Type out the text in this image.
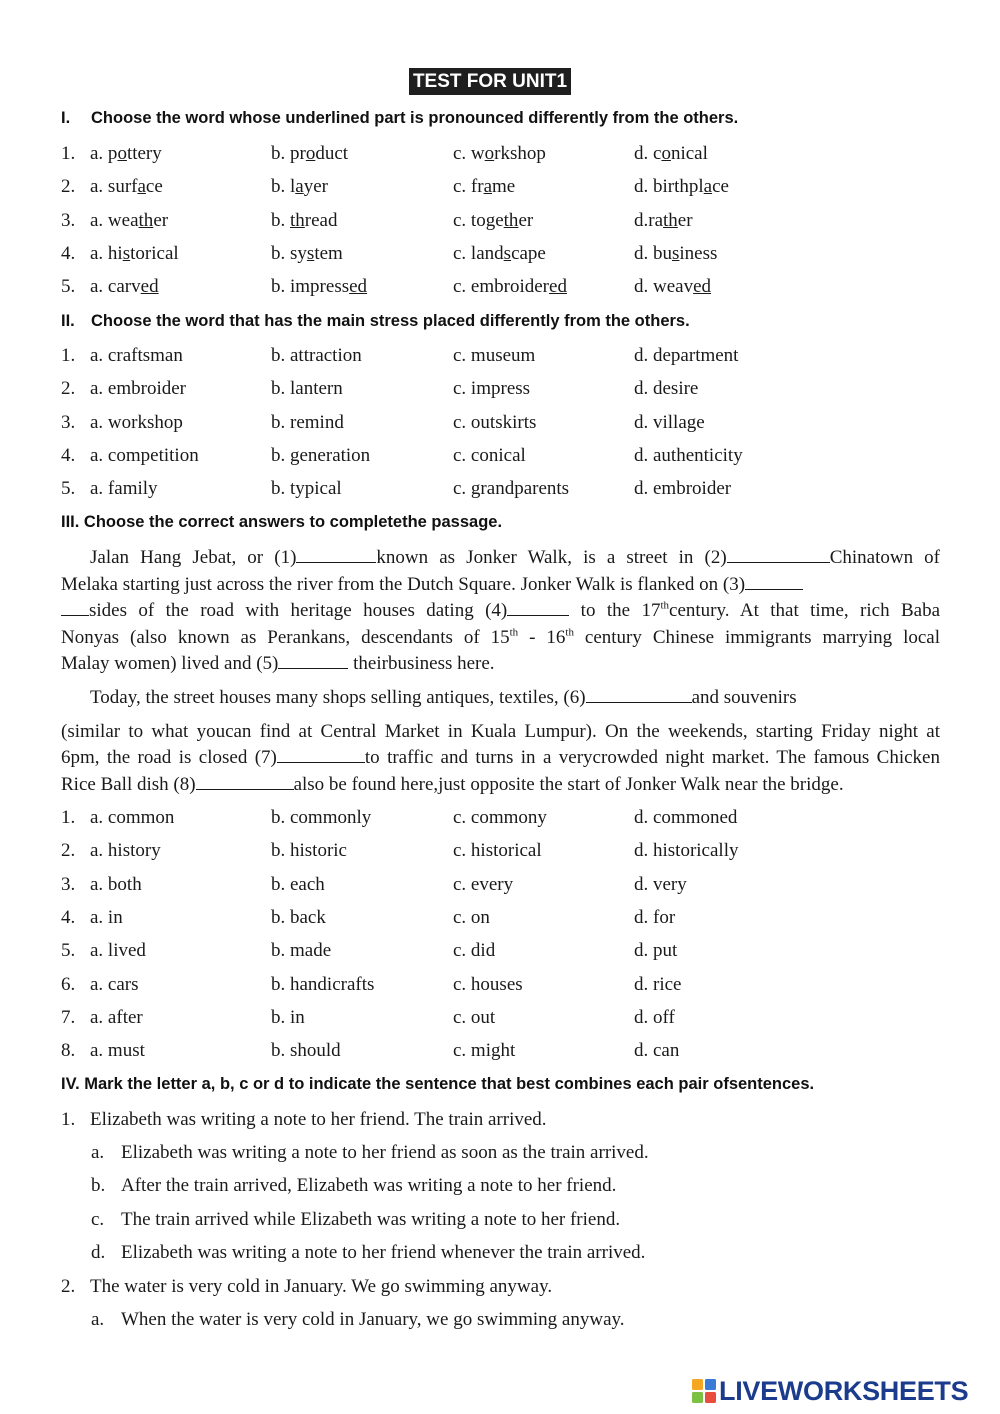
TEST FOR UNIT1
I. Choose the word whose underlined part is pronounced differently from the others.
1. a. pottery	b. product	c. workshop	d. conical
2. a. surface	b. layer	c. frame	d. birthplace
3. a. weather	b. thread	c. together	d.rather
4. a. historical	b. system	c. landscape	d. business
5. a. carved	b. impressed	c. embroidered	d. weaved
II. Choose the word that has the main stress placed differently from the others.
1. a. craftsman	b. attraction	c. museum	d. department
2. a. embroider	b. lantern	c. impress	d. desire
3. a. workshop	b. remind	c. outskirts	d. village
4. a. competition	b. generation	c. conical	d. authenticity
5. a. family	b. typical	c. grandparents	d. embroider
III. Choose the correct answers to completethe passage.

Jalan Hang Jebat, or (1)	known as Jonker Walk, is a street in (2)	Chinatown of

Melaka starting just across the river from the Dutch Square. Jonker Walk is flanked on (3)

sides of the road with heritage houses dating (4)	to the 17thcentury. At that time, rich Baba

Nonyas (also known as Perankans, descendants of 15th - 16th century Chinese immigrants marrying local

Malay women) lived and (5)	theirbusiness here.

Today, the street houses many shops selling antiques, textiles, (6)	and souvenirs

(similar to what youcan find at Central Market in Kuala Lumpur). On the weekends, starting Friday night at

6pm, the road is closed (7)	to traffic and turns in a verycrowded night market. The famous Chicken

Rice Ball dish (8)	also be found here,just opposite the start of Jonker Walk near the bridge.

1. a. common	b. commonly	c. commony	d. commoned
2. a. history	b. historic	c. historical	d. historically
3. a. both	b. each	c. every	d. very
4. a. in	b. back	c. on	d. for
5. a. lived	b. made	c. did	d. put
6. a. cars	b. handicrafts	c. houses	d. rice
7. a. after	b. in	c. out	d. off
8. a. must	b. should	c. might	d. can
IV. Mark the letter a, b, c or d to indicate the sentence that best combines each pair ofsentences.
1. Elizabeth was writing a note to her friend. The train arrived.
a. Elizabeth was writing a note to her friend as soon as the train arrived.
b. After the train arrived, Elizabeth was writing a note to her friend.
c. The train arrived while Elizabeth was writing a note to her friend.
d. Elizabeth was writing a note to her friend whenever the train arrived.
2. The water is very cold in January. We go swimming anyway.
a. When the water is very cold in January, we go swimming anyway.
LIVEWORKSHEETS
